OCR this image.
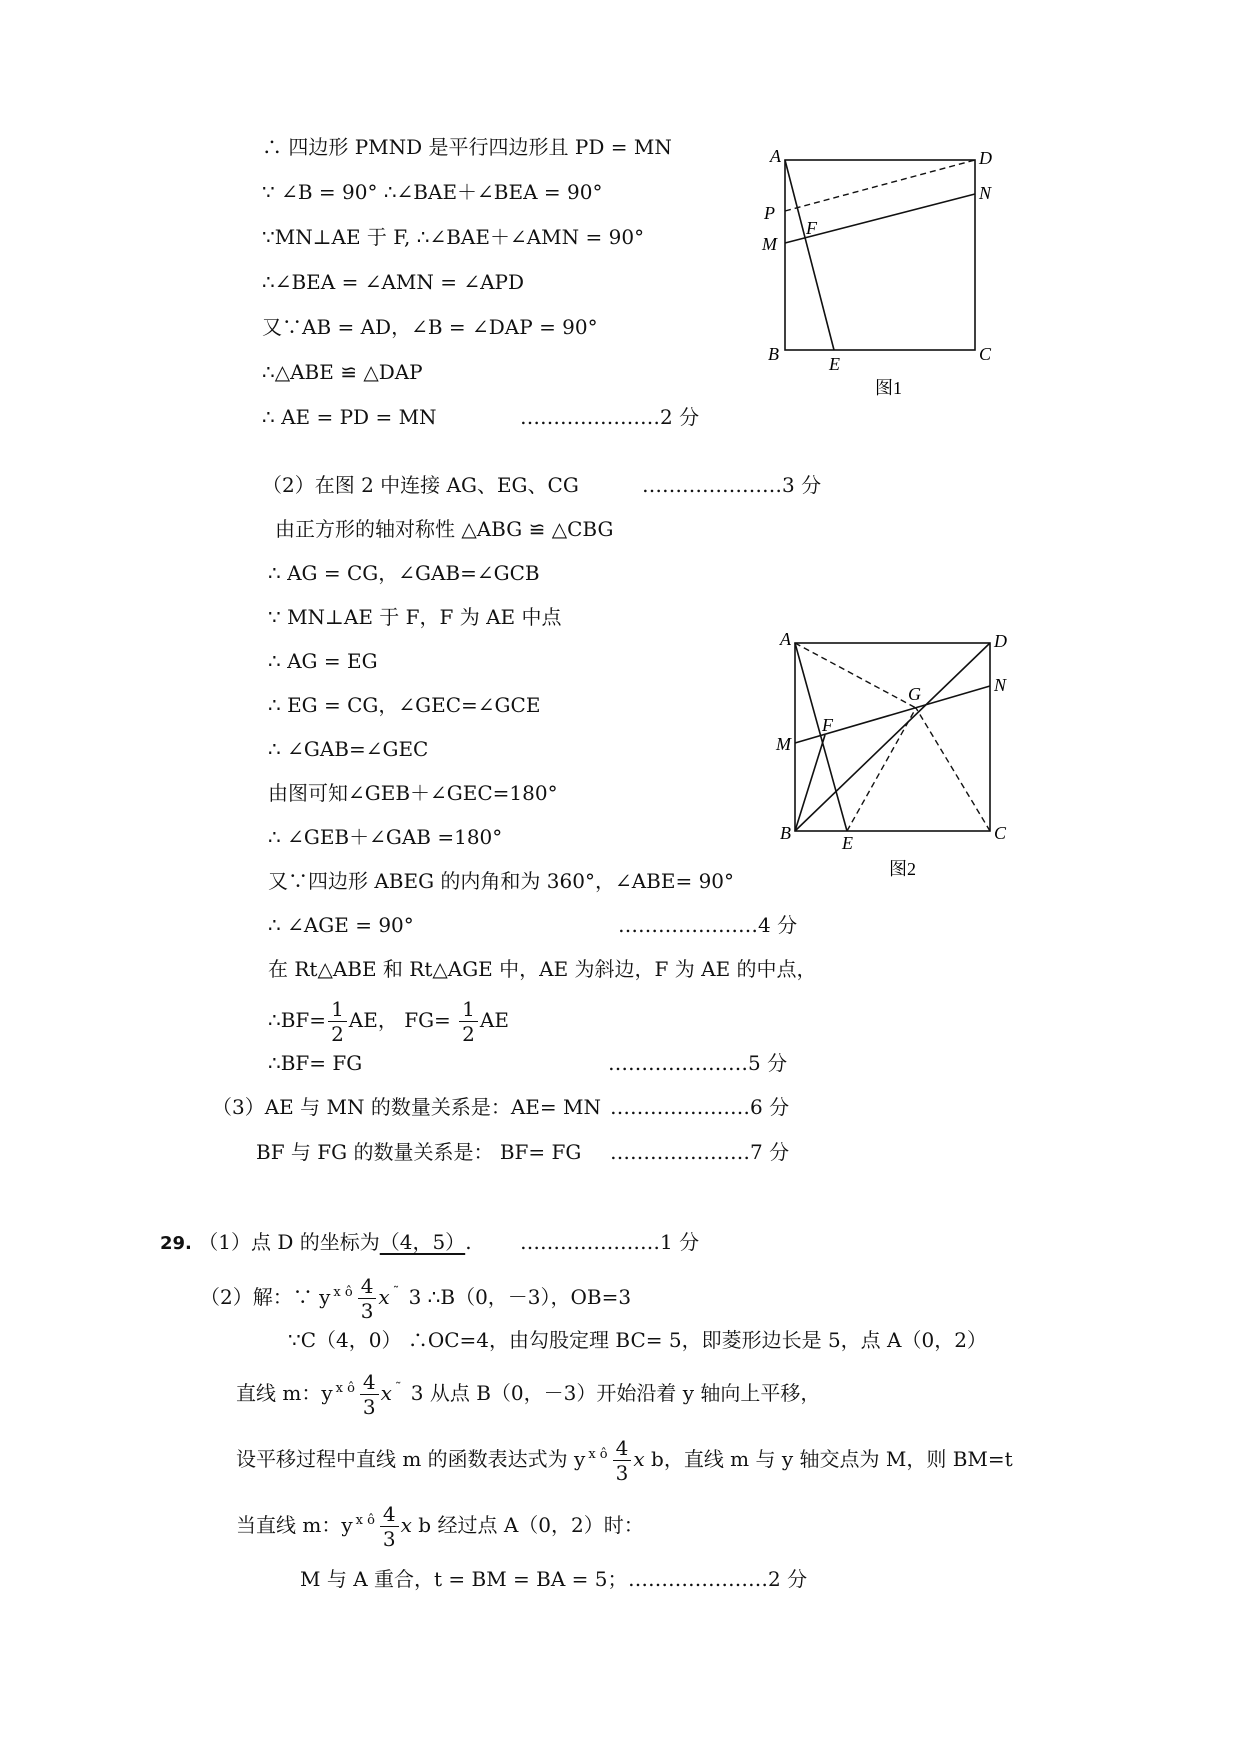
∴ 四边形 PMND 是平行四边形且 PD = MN
∵ ∠B = 90° ∴∠BAE＋∠BEA = 90°
∵MN⊥AE 于 F, ∴∠BAE＋∠AMN = 90°
∴∠BEA = ∠AMN = ∠APD
又∵AB = AD，∠B = ∠DAP = 90°
∴△ABE ≌ △DAP
∴ AE = PD = MN	…………………2 分
A	D
P
N
M
F
B	E	C
图1
（2）在图 2 中连接 AG、EG、CG	…………………3 分
由正方形的轴对称性 △ABG ≌ △CBG
∴ AG = CG，∠GAB=∠GCB
∵ MN⊥AE 于 F，F 为 AE 中点
∴ AG = EG
∴ EG = CG，∠GEC=∠GCE
∴ ∠GAB=∠GEC
由图可知∠GEB＋∠GEC=180°
∴ ∠GEB＋∠GAB =180°
又∵四边形 ABEG 的内角和为 360°，∠ABE= 90°
∴ ∠AGE = 90°	…………………4 分
在 Rt△ABE 和 Rt△AGE 中，AE 为斜边，F 为 AE 的中点，
∴BF= $\frac{1}{2}$ AE， $FG= \frac{1}{2}$ AE
∴BF= FG	…………………5 分
A	D
N
G
M
F
B	E	C
图2
（3）AE 与 MN 的数量关系是：AE= MN …………………6 分
BF 与 FG 的数量关系是： BF= FG …………………7 分
29. （1）点 D 的坐标为（4，5）. …………………1 分
（2）解：∵ y $^{x ô} \frac{4}{3}$ x ˜ 3 ∴B（0，－3），OB=3
∵C（4，0） ∴OC=4，由勾股定理 BC= 5，即菱形边长是 5，点 A（0，2）
直线 m：y $^{x ô} \frac{4}{3}$ x ˜ 3 从点 B（0，－3）开始沿着 y 轴向上平移，
设平移过程中直线 m 的函数表达式为 y $^{x ô} \frac{4}{3}$ x b，直线 m 与 y 轴交点为 M，则 BM=t
当直线 m：y $^{x ô} \frac{4}{3}$ x b 经过点 A（0，2）时：
M 与 A 重合，t = BM = BA = 5； …………………2 分
